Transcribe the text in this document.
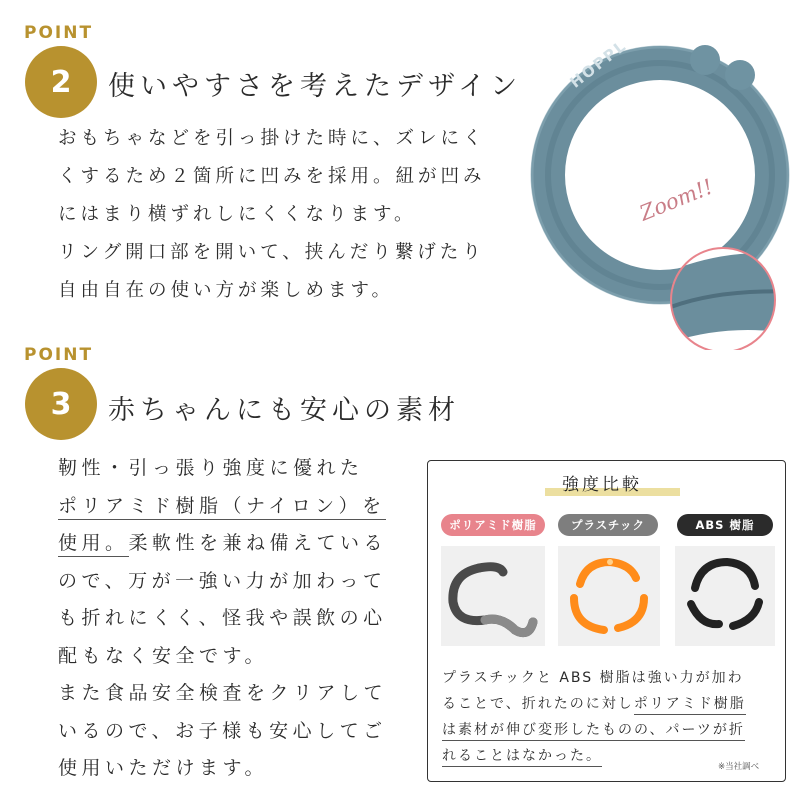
POINT
2	使いやすさを考えたデザイン
おもちゃなどを引っ掛けた時に、ズレにく
くするため２箇所に凹みを採用。紐が凹み
にはまり横ずれしにくくなります。
リング開口部を開いて、挟んだり繋げたり
自由自在の使い方が楽しめます。
HOPPL
Zoom!!
POINT
3	赤ちゃんにも安心の素材
靭性・引っ張り強度に優れた
ポリアミド樹脂（ナイロン）を
使用。柔軟性を兼ね備えている
ので、万が一強い力が加わって
も折れにくく、怪我や誤飲の心
配もなく安全です。
また食品安全検査をクリアして
いるので、お子様も安心してご
使用いただけます。
強度比較
ポリアミド樹脂	プラスチック	ABS 樹脂
プラスチックと ABS 樹脂は強い力が加わ
ることで、折れたのに対しポリアミド樹脂
は素材が伸び変形したものの、パーツが折
れることはなかった。
※当社調べ
